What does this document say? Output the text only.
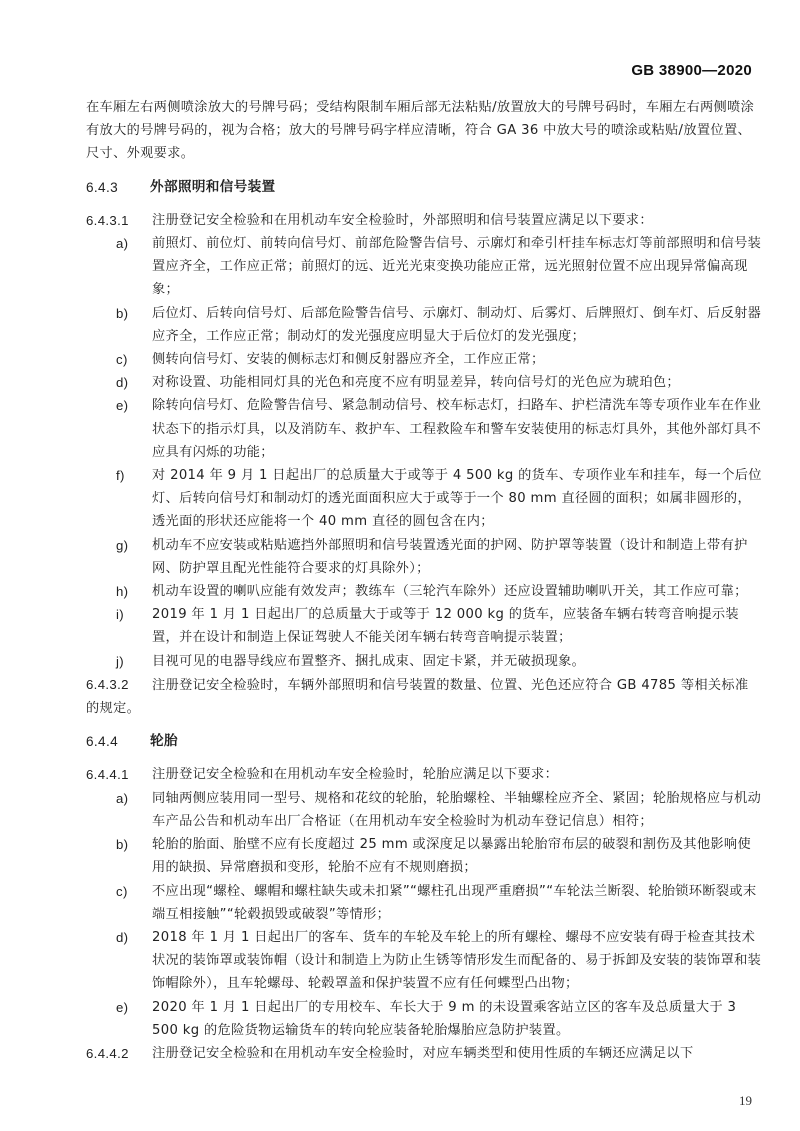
GB 38900—2020

在车厢左右两侧喷涂放大的号牌号码；受结构限制车厢后部无法粘贴/放置放大的号牌号码时，车厢左右两侧喷涂有放大的号牌号码的，视为合格；放大的号牌号码字样应清晰，符合 GA 36 中放大号的喷涂或粘贴/放置位置、尺寸、外观要求。

6.4.3	外部照明和信号装置
6.4.3.1	注册登记安全检验和在用机动车安全检验时，外部照明和信号装置应满足以下要求：
a)	前照灯、前位灯、前转向信号灯、前部危险警告信号、示廓灯和牵引杆挂车标志灯等前部照明和信号装置应齐全，工作应正常；前照灯的远、近光光束变换功能应正常，远光照射位置不应出现异常偏高现象；
b)	后位灯、后转向信号灯、后部危险警告信号、示廓灯、制动灯、后雾灯、后牌照灯、倒车灯、后反射器应齐全，工作应正常；制动灯的发光强度应明显大于后位灯的发光强度；
c)	侧转向信号灯、安装的侧标志灯和侧反射器应齐全，工作应正常；
d)	对称设置、功能相同灯具的光色和亮度不应有明显差异，转向信号灯的光色应为琥珀色；
e)	除转向信号灯、危险警告信号、紧急制动信号、校车标志灯，扫路车、护栏清洗车等专项作业车在作业状态下的指示灯具，以及消防车、救护车、工程救险车和警车安装使用的标志灯具外，其他外部灯具不应具有闪烁的功能；
f)	对 2014 年 9 月 1 日起出厂的总质量大于或等于 4 500 kg 的货车、专项作业车和挂车，每一个后位灯、后转向信号灯和制动灯的透光面面积应大于或等于一个 80 mm 直径圆的面积；如属非圆形的，透光面的形状还应能将一个 40 mm 直径的圆包含在内；
g)	机动车不应安装或粘贴遮挡外部照明和信号装置透光面的护网、防护罩等装置（设计和制造上带有护网、防护罩且配光性能符合要求的灯具除外）；
h)	机动车设置的喇叭应能有效发声；教练车（三轮汽车除外）还应设置辅助喇叭开关，其工作应可靠；
i)	2019 年 1 月 1 日起出厂的总质量大于或等于 12 000 kg 的货车，应装备车辆右转弯音响提示装置，并在设计和制造上保证驾驶人不能关闭车辆右转弯音响提示装置；
j)	目视可见的电器导线应布置整齐、捆扎成束、固定卡紧，并无破损现象。
6.4.3.2 注册登记安全检验时，车辆外部照明和信号装置的数量、位置、光色还应符合 GB 4785 等相关标准的规定。
6.4.4	轮胎
6.4.4.1	注册登记安全检验和在用机动车安全检验时，轮胎应满足以下要求：
a)	同轴两侧应装用同一型号、规格和花纹的轮胎，轮胎螺栓、半轴螺栓应齐全、紧固；轮胎规格应与机动车产品公告和机动车出厂合格证（在用机动车安全检验时为机动车登记信息）相符；
b)	轮胎的胎面、胎壁不应有长度超过 25 mm 或深度足以暴露出轮胎帘布层的破裂和割伤及其他影响使用的缺损、异常磨损和变形，轮胎不应有不规则磨损；
c)	不应出现“螺栓、螺帽和螺柱缺失或未扣紧”“螺柱孔出现严重磨损”“车轮法兰断裂、轮胎锁环断裂或末端互相接触”“轮毂损毁或破裂”等情形；
d)	2018 年 1 月 1 日起出厂的客车、货车的车轮及车轮上的所有螺栓、螺母不应安装有碍于检查其技术状况的装饰罩或装饰帽（设计和制造上为防止生锈等情形发生而配备的、易于拆卸及安装的装饰罩和装饰帽除外），且车轮螺母、轮毂罩盖和保护装置不应有任何蝶型凸出物；
e)	2020 年 1 月 1 日起出厂的专用校车、车长大于 9 m 的未设置乘客站立区的客车及总质量大于 3 500 kg 的危险货物运输货车的转向轮应装备轮胎爆胎应急防护装置。
6.4.4.2	注册登记安全检验和在用机动车安全检验时，对应车辆类型和使用性质的车辆还应满足以下
19
